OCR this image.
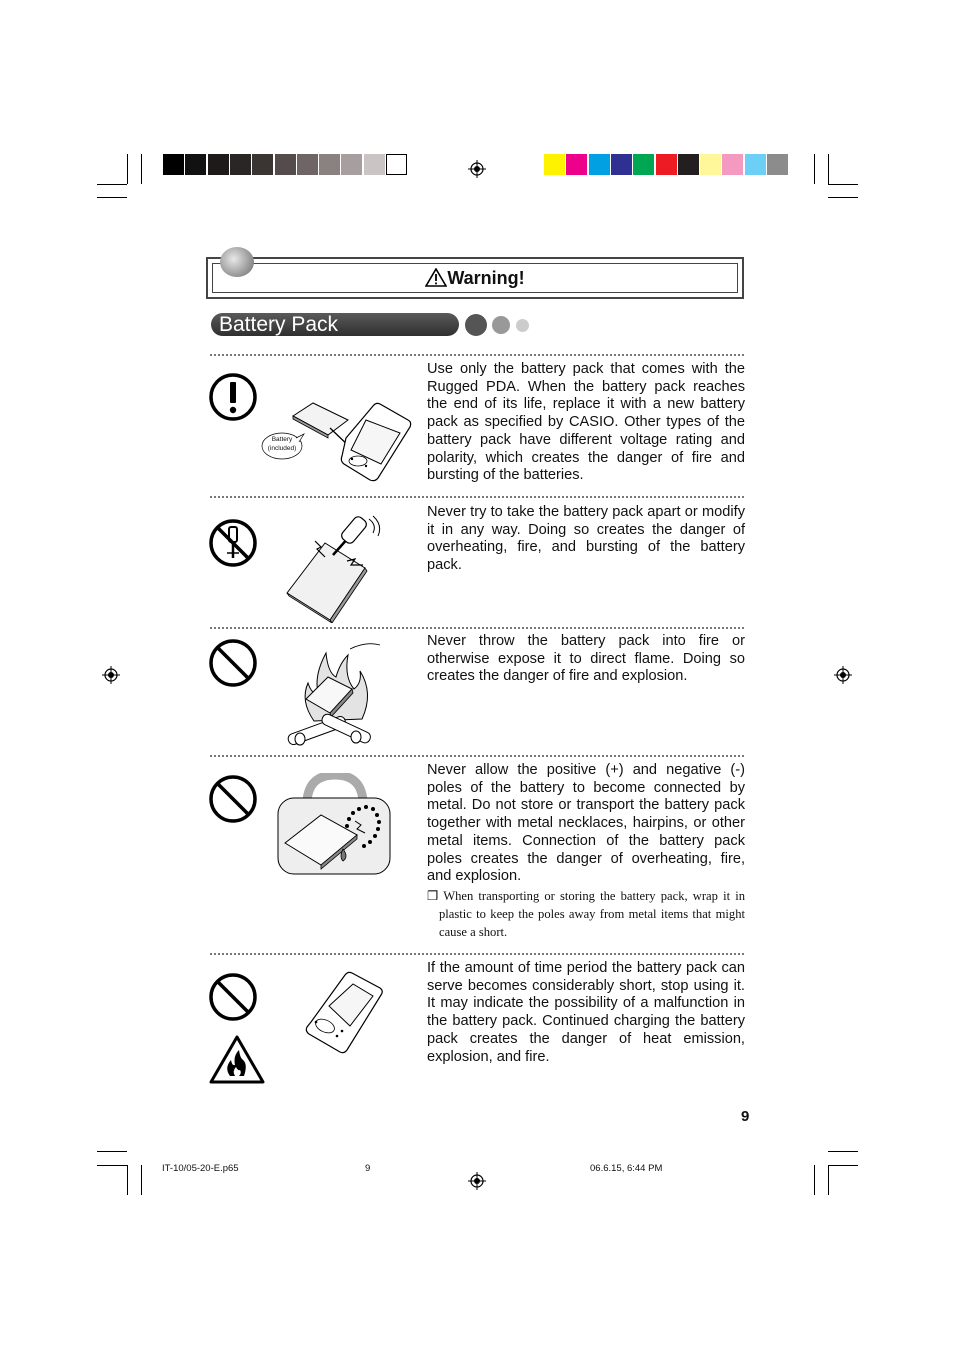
Warning!
Battery Pack
Battery
(included)
Use only the battery pack that comes with the Rugged PDA. When the battery pack reaches the end of its life, replace it with a new battery pack as specified by CASIO. Other types of the battery pack have different voltage rating and polarity, which creates the danger of fire and bursting of the batteries.
Never try to take the battery pack apart or modify it in any way. Doing so creates the danger of overheating, fire, and bursting of the battery pack.
Never throw the battery pack into fire or otherwise expose it to direct flame. Doing so creates the danger of fire and explosion.
Never allow the positive (+) and negative (-) poles of the battery to become connected by metal. Do not store or transport the battery pack together with metal necklaces, hairpins, or other metal items. Connection of the battery pack poles creates the danger of overheating, fire, and explosion.
❒ When transporting or storing the battery pack, wrap it in plastic to keep the poles away from metal items that might cause a short.
If the amount of time period the battery pack can serve becomes considerably short, stop using it. It may indicate the possibility of a malfunction in the battery pack. Continued charging the battery pack creates the danger of heat emission, explosion, and fire.
9
IT-10/05-20-E.p65	9	06.6.15, 6:44 PM
